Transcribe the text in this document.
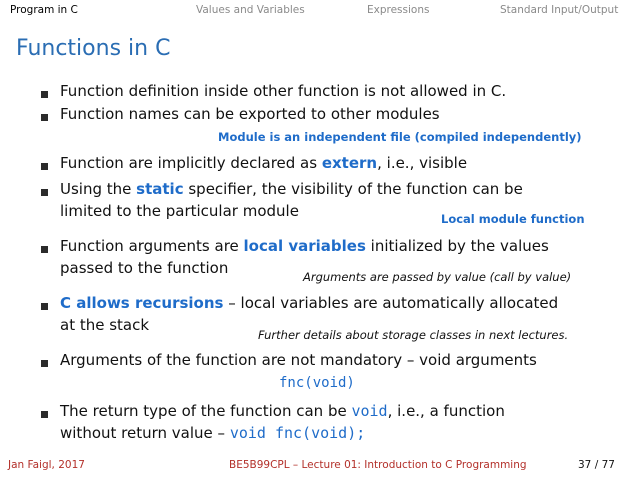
Program in C	Values and Variables	Expressions	Standard Input/Output
Functions in C
Function definition inside other function is not allowed in C.
Function names can be exported to other modules
Module is an independent file (compiled independently)
Function are implicitly declared as extern, i.e., visible
Using the static specifier, the visibility of the function can be
limited to the particular module	Local module function
Function arguments are local variables initialized by the values
passed to the function	Arguments are passed by value (call by value)
C allows recursions – local variables are automatically allocated
at the stack
Further details about storage classes in next lectures.
Arguments of the function are not mandatory – void arguments
fnc(void)
The return type of the function can be void, i.e., a function
without return value – void fnc(void);
Jan Faigl, 2017	BE5B99CPL – Lecture 01: Introduction to C Programming	37 / 77
